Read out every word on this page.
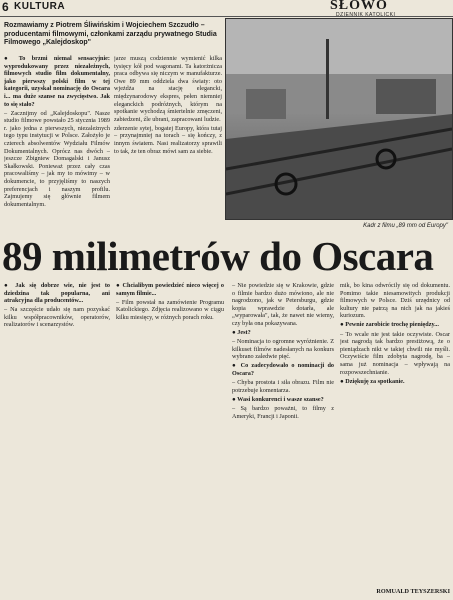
6 KULTURA	SŁOWO
DZIENNIK KATOLICKI
Rozmawiamy z Piotrem Śliwińskim i Wojciechem Szczudło – producentami filmowymi, członkami zarządu prywatnego Studia Filmowego „Kalejdoskop"

● To brzmi niemal sensacyjnie: wyprodukowany przez niezależnych, filmowych studio film dokumentalny, jako pierwszy polski film w tej kategorii, uzyskał nominację do Oscara i... ma duże szanse na zwycięstwo. Jak to się stało?

– Zacznijmy od „Kalejdoskopu". Nasze studio filmowe powstało 25 stycznia 1989 r. jako jedna z pierwszych, niezależnych tego typu instytucji w Polsce. Założyło je czterech absolwentów Wydziału Filmów Dokumentalnych. Oprócz nas dwóch – jeszcze Zbigniew Domagalski i Janusz Skałkowski. Ponieważ przez cały czas pracowaliśmy – jak my to mówimy – w dokumencie, to przyjęliśmy to naszych preferencjach i naszym profilu. Zajmujemy się głównie filmem dokumentalnym.

jarze muszą codziennie wymienić kilka tysięcy kół pod wagonami. Ta katorżnicza praca odbywa się niczym w manufakturze. Owe 89 mm oddziela dwa światy: oto wjeżdża na stację elegancki, międzynarodowy ekspres, pełen niemniej eleganckich podróżnych, którym na spotkanie wychodzą śmiertelnie zmęczeni, zabiedzeni, źle ubrani, zapracowani ludzie.

zderzenie sytej, bogatej Europy, która tutaj – przynajmniej na torach – się kończy, z innym światem. Nasi realizatorzy sprawili to tak, że ten obraz mówi sam za siebie.

Kadr z filmu „89 mm od Europy"
89 milimetrów do Oscara

– Nie powiedzie się w Krakowie, gdzie o filmie bardzo dużo mówiono, ale nie nagrodzono, jak w Petersburgu, gdzie kopia wprawdzie dotarła, ale „wyparowała", tak, że nawet nie wiemy, czy była ona pokazywana.

● Jest?

– Nominacja to ogromne wyróżnienie. Z kilkuset filmów nadesłanych na konkurs wybrano zaledwie pięć.

● Co zadecydowało o nominacji do Oscara?

– Chyba prostota i siła obrazu. Film nie potrzebuje komentarza.

● Wasi konkurenci i wasze szanse?

– Są bardzo poważni, to filmy z Ameryki, Francji i Japonii.

mik, bo kina odwrócily się od dokumentu. Pomimo takie niesamowitych produkcji filmowych w Polsce. Dziś urzędnicy od kultury nie patrzą na nich jak na jakieś kuriozum.

● Pewnie zarobicie trochę pieniędzy...

– To wcale nie jest takie oczywiste. Oscar jest nagrodą tak bardzo prestiżową, że o pieniądzach nikt w takiej chwili nie myśli. Oczywiście film zdobyta nagrodę, ba – sama już nominacja – wpływają na rozpowszechnianie.

● Dziękuję za spotkanie.

ROMUALD TEYSZERSKI

● Jak się dobrze wie, nie jest to dziedzina tak popularna, ani atrakcyjna dla producentów...

– Na szczęście udało się nam pozyskać kilku współpracowników, operatorów, realizatorów i scenarzystów.

● Chcialibym powiedzieć nieco więcej o samym filmie...

– Film powstał na zamówienie Programu Katolickiego. Zdjęcia realizowano w ciągu kilku miesięcy, w różnych porach roku.
